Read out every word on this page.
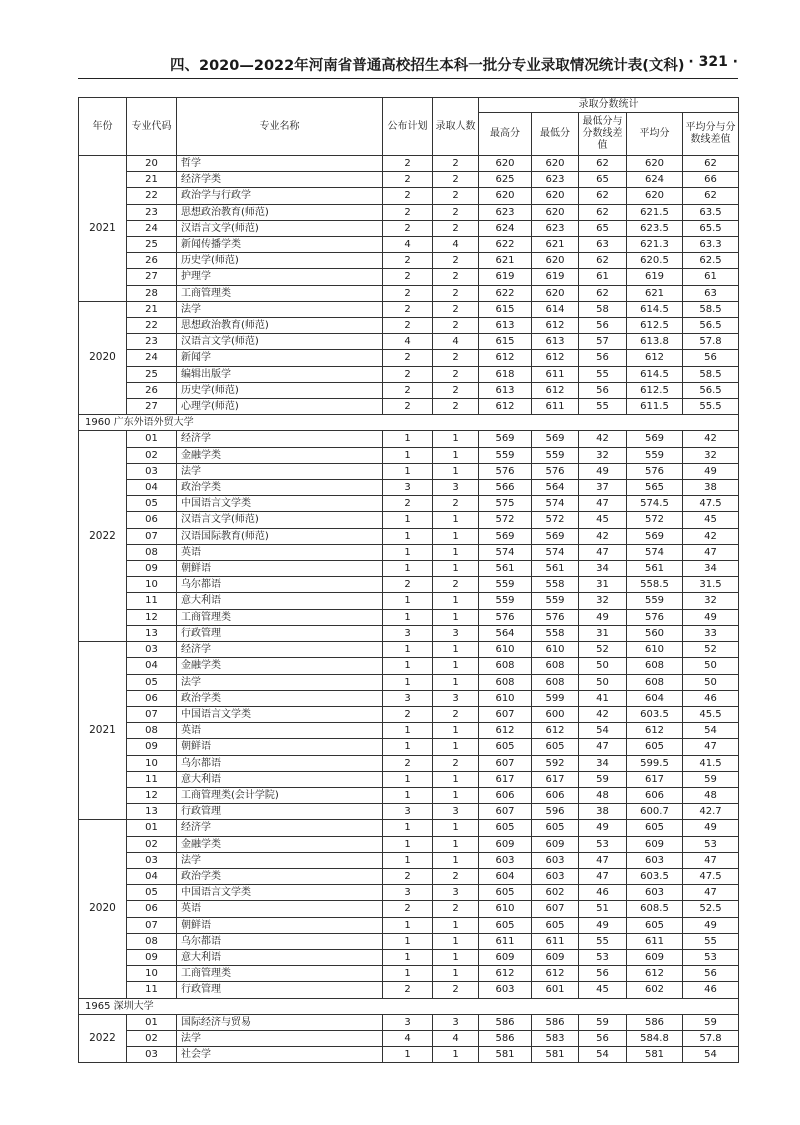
四、2020—2022年河南省普通高校招生本科一批分专业录取情况统计表(文科) · 321 ·
年份	专业代码	专业名称	公布计划	录取人数	录取分数统计				
					最高分	最低分	最低分与分数线差值	平均分	平均分与分数线差值
2021	20	哲学	2	2	620	620	62	620	62
	21	经济学类	2	2	625	623	65	624	66
	22	政治学与行政学	2	2	620	620	62	620	62
	23	思想政治教育(师范)	2	2	623	620	62	621.5	63.5
	24	汉语言文学(师范)	2	2	624	623	65	623.5	65.5
	25	新闻传播学类	4	4	622	621	63	621.3	63.3
	26	历史学(师范)	2	2	621	620	62	620.5	62.5
	27	护理学	2	2	619	619	61	619	61
	28	工商管理类	2	2	622	620	62	621	63
2020	21	法学	2	2	615	614	58	614.5	58.5
	22	思想政治教育(师范)	2	2	613	612	56	612.5	56.5
	23	汉语言文学(师范)	4	4	615	613	57	613.8	57.8
	24	新闻学	2	2	612	612	56	612	56
	25	编辑出版学	2	2	618	611	55	614.5	58.5
	26	历史学(师范)	2	2	613	612	56	612.5	56.5
	27	心理学(师范)	2	2	612	611	55	611.5	55.5
1960 广东外语外贸大学									
2022	01	经济学	1	1	569	569	42	569	42
	02	金融学类	1	1	559	559	32	559	32
	03	法学	1	1	576	576	49	576	49
	04	政治学类	3	3	566	564	37	565	38
	05	中国语言文学类	2	2	575	574	47	574.5	47.5
	06	汉语言文学(师范)	1	1	572	572	45	572	45
	07	汉语国际教育(师范)	1	1	569	569	42	569	42
	08	英语	1	1	574	574	47	574	47
	09	朝鲜语	1	1	561	561	34	561	34
	10	乌尔都语	2	2	559	558	31	558.5	31.5
	11	意大利语	1	1	559	559	32	559	32
	12	工商管理类	1	1	576	576	49	576	49
	13	行政管理	3	3	564	558	31	560	33
2021	03	经济学	1	1	610	610	52	610	52
	04	金融学类	1	1	608	608	50	608	50
	05	法学	1	1	608	608	50	608	50
	06	政治学类	3	3	610	599	41	604	46
	07	中国语言文学类	2	2	607	600	42	603.5	45.5
	08	英语	1	1	612	612	54	612	54
	09	朝鲜语	1	1	605	605	47	605	47
	10	乌尔都语	2	2	607	592	34	599.5	41.5
	11	意大利语	1	1	617	617	59	617	59
	12	工商管理类(会计学院)	1	1	606	606	48	606	48
	13	行政管理	3	3	607	596	38	600.7	42.7
2020	01	经济学	1	1	605	605	49	605	49
	02	金融学类	1	1	609	609	53	609	53
	03	法学	1	1	603	603	47	603	47
	04	政治学类	2	2	604	603	47	603.5	47.5
	05	中国语言文学类	3	3	605	602	46	603	47
	06	英语	2	2	610	607	51	608.5	52.5
	07	朝鲜语	1	1	605	605	49	605	49
	08	乌尔都语	1	1	611	611	55	611	55
	09	意大利语	1	1	609	609	53	609	53
	10	工商管理类	1	1	612	612	56	612	56
	11	行政管理	2	2	603	601	45	602	46
1965 深圳大学									
2022	01	国际经济与贸易	3	3	586	586	59	586	59
	02	法学	4	4	586	583	56	584.8	57.8
	03	社会学	1	1	581	581	54	581	54
